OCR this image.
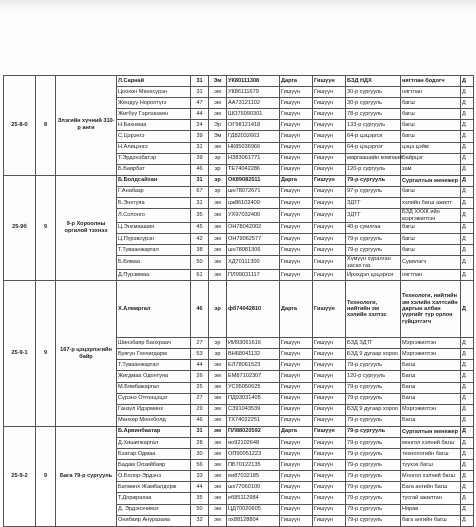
25-8-б	8	Элэгийн хүчний 310-р анги	Л.Сарнай	31	Эм	УК80111308	Дарга	Гишүүн	БЗД НДХ	нягтлан бодогч	Д
			Цоохон Мөнхсүрэн	31	эм	УК86111679	Гишүүн	Гишүүн	30-р сургууль	нягтлан	Д
			Жендүү Норолтүгэ	47	эм	АА73121102	Гишүүн	Гишүүн	30-р сургууль	багш	Д
			Жигбүү Гэрлэкзаян	44	эм	ШО76090301	Гишүүн	Гишүүн	78-р сургууль	багш	Д
			Н.Бахнмаа	24	Эр	ОГ98121418	Гишүүн	Гишүүн	133-р сургууль	багш	Д
			С.Цэрэнгэ	39	Эм	ГД82032663	Гишүүн	Гишүүн	64-р цэцэрлэг	багш	Д
			Н.Алицэнгэ	31	эм	НК85036966	Гишүүн	Гишүүн	64-р цэцэрлэг	цэцэ цэйм	Д
			Т.Эрдэнэбатэр	39	эр	НЗ83061771	Гишүүн	Гишүүн	маргаашийн компани	Байрцэг	Д
			Б.Баярбат	46	эр	ТЕ74042286	Гишүүн	Гишүүн	120-р сургууль	зам	Д
25-9б	9	9-р Хороолны оргилой тэхнээ	Б.Болдсайхан	31	эр	ОК89082511	Дарга	Гишүүн	79-р сургууль	Сургалтын менежер	Д
			Г.Анабазр	67	эр	шн78072671	Гишүүн	Гишүүн	97-р сургууль	багш	Д
			Б.Энхтуяа	31	эм	цж86102409	Гишүүн	Гишүүн	ЗДТГ	хэлийн багш ажилт	Д
			Л.Солонго	35	эм	УХ97032400	Гишүүн	Гишүүн	ЗДТГ	БЗД ХХХК ийн мэргэжилтэн	Д
			Ц.Энхмаашин	45	эм	ОН78042002	Гишүүн	Гишүүн	40-р сумлгаа	багш	Д
			Ц.Пүрэвсүрэн	42	эм	ОН79062577	Гишүүн	Гишүүн	79-р сургууль	багш	Д
			Т.Туваанжаргал	38	эм	шн78081306	Гишүүн	Гишүүн	79-р сургууль	багш	Д
			Б.Бямаа	50	эм	ХД70111300	Гишүүн	Гишүүн	Хүмүүн хуралган засах газ	Сувилагч	Д
			Д.Пүрэвмаа	61	эм	ПЛ99031117	Гишүүн	Гишүүн	Ирэхдэл цэцэрлэг	нягтлан	Д
25-9-1	9	167-р цэцэрлэгийн байр	Х.Алмаргал	46	эр	фб74042810	Дарга	Гишүүн	Технологи, нийтийн эм хэлийн хэлтэс	Технологи, нийтийн эм хэлийн хэлтсийн даргын албан үүргийг түр орлон гүйцэтгэгч	Д
			Шинэбаяр Банхраач	27	эр	ИИ93061616	Гишүүн	Гишүүн	БЗД ЗДТГ	Мэргэжилтэн	Д
			Буягун Гончигдарм	53	эр	ВН68041132	Гишүүн	Гишүүн	БЗД 9 дугаар хороо	Мэргэжилтэн	Д
			Т.Туваанжаргал	44	эм	ЕЛ78061523	Гишүүн	Гишүүн	79-р сургууль	Багш	Д
			Жигдмаа Одонтуяа	26	эм	ЕМ87102307	Гишүүн	Гишүүн	120-р сургууль	Багш	Д
			М.Бямбажаргал	25	эм	УС95050625	Гишүүн	Гишүүн	79-р сургууль	Багш	Д
			Сүрэнэ Отгонцэцэг	27	эм	ПД93031405	Гишүүн	Гишүүн	79-р сургууль	Багш	Д
			Ганзул Идэрмөнх	29	эм	СЗ91043539	Гишүүн	Гишүүн	БЗД 9 дугаар хороо	Мэргэжилтэн	Д
			Мөнхөр Монхболд	46	эм	ТХ74022251	Гишүүн	Гишүүн	79-р сургууль	Багш	Д
25-9-2	9	Бага 79-р сургууль	Б.Арвинбаатар	31	эм	ПЛ88020592	Дарга	Гишүүн	79-р сургууль	Сургалтын менежер	Д
			Д.Хишигжаргал	28	эм	ио92102648	Гишүүн	Гишүүн	79-р сургууль	монгол хэлний багш	Д
			Бэатар Одмаа	30	эм	ОП90051223	Гишүүн	Гишүүн	79-р сургууль	технологийн багш	Д
			Бадам Олзийбаяр	56	эм	ПБ70122135	Гишүүн	Гишүүн	79-р сургууль	түүхэх багш	Д
			О.Болор-Эрдэнэ	33	эм	еи87032185	Гишүүн	Гишүүн	79-р сургууль	Монгол хэлний багш	Д
			Батмөнх Жамбалдорж	44	эм	шх77060100	Гишүүн	Гишүүн	79-р сургууль	Бага ангийн багш	Д
			Т.Доржрахаа	35	эм	еб85112984	Гишүүн	Гишүүн	79-р сургууль	тусгай ажилтан	Д
			Д. Эрдэнэчимэг	50	эм	ЦД70020605	Гишүүн	Гишүүн	79-р сургууль	Нярав	Д
			Онибаяр Ануразаяа	32	эм	ох88128804	Гишүүн	Гишүүн	79-р сургууль	бага ангийн багш	Д
